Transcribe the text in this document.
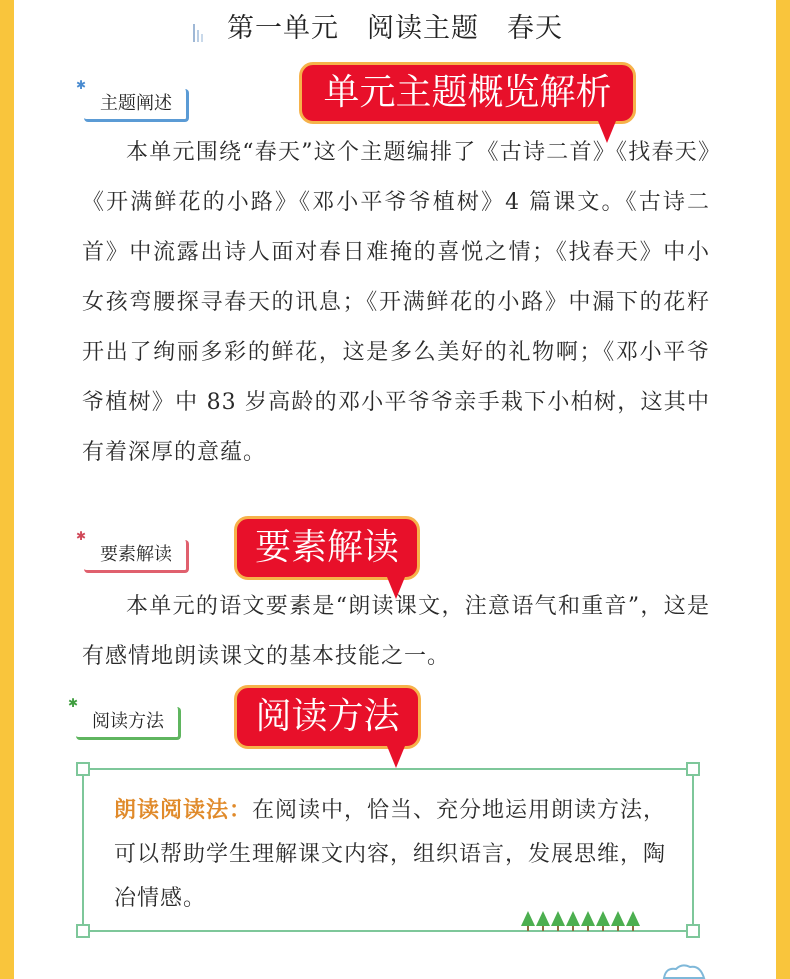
第一单元　阅读主题　春天
✱
主题阐述	单元主题概览解析

本单元围绕“春天”这个主题编排了《古诗二首》《找春天》《开满鲜花的小路》《邓小平爷爷植树》4 篇课文。《古诗二首》中流露出诗人面对春日难掩的喜悦之情；《找春天》中小女孩弯腰探寻春天的讯息；《开满鲜花的小路》中漏下的花籽开出了绚丽多彩的鲜花，这是多么美好的礼物啊；《邓小平爷爷植树》中 83 岁高龄的邓小平爷爷亲手栽下小柏树，这其中有着深厚的意蕴。

✱
要素解读	要素解读

本单元的语文要素是“朗读课文，注意语气和重音”，这是有感情地朗读课文的基本技能之一。

✱
阅读方法	阅读方法

朗读阅读法：在阅读中，恰当、充分地运用朗读方法，可以帮助学生理解课文内容，组织语言，发展思维，陶冶情感。
